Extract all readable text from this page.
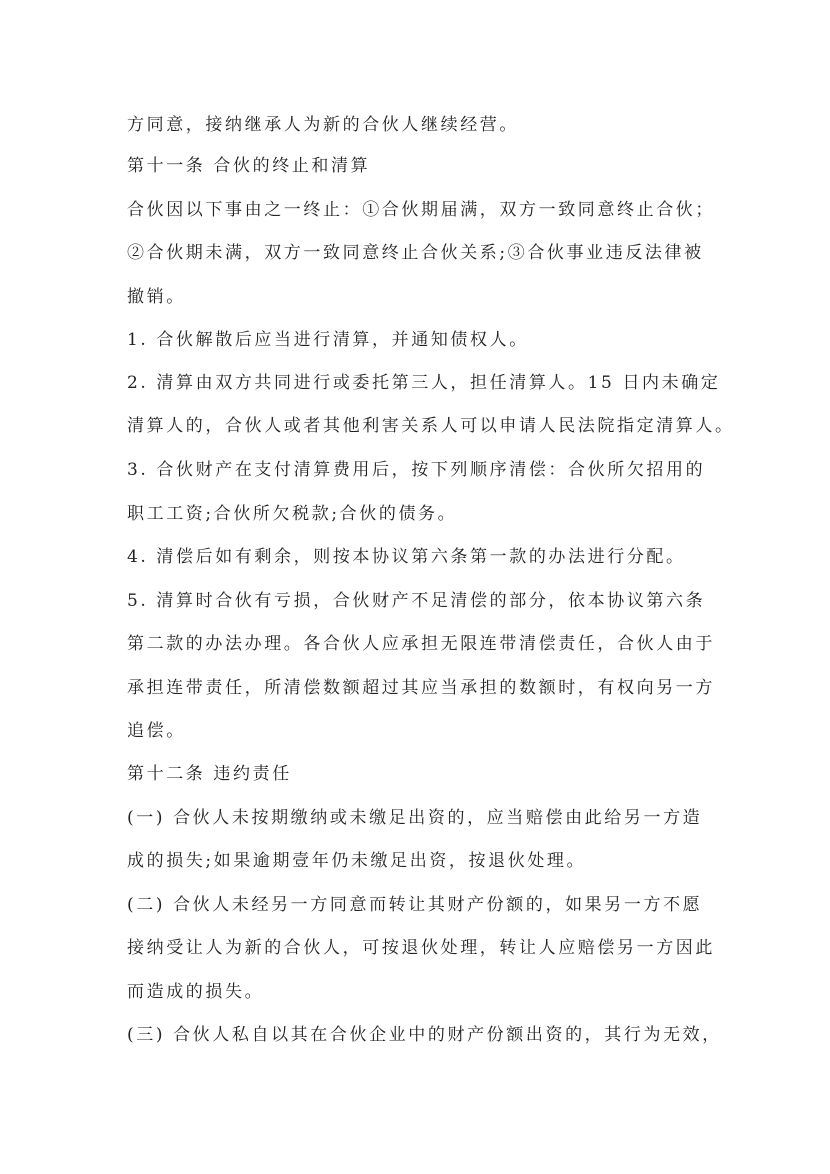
方同意，接纳继承人为新的合伙人继续经营。
第十一条 合伙的终止和清算
合伙因以下事由之一终止：①合伙期届满，双方一致同意终止合伙；
②合伙期未满，双方一致同意终止合伙关系;③合伙事业违反法律被
撤销。
1. 合伙解散后应当进行清算，并通知债权人。
2. 清算由双方共同进行或委托第三人，担任清算人。15 日内未确定
清算人的，合伙人或者其他利害关系人可以申请人民法院指定清算人。
3. 合伙财产在支付清算费用后，按下列顺序清偿：合伙所欠招用的
职工工资;合伙所欠税款;合伙的债务。
4. 清偿后如有剩余，则按本协议第六条第一款的办法进行分配。
5. 清算时合伙有亏损，合伙财产不足清偿的部分，依本协议第六条
第二款的办法办理。各合伙人应承担无限连带清偿责任，合伙人由于
承担连带责任，所清偿数额超过其应当承担的数额时，有权向另一方
追偿。
第十二条 违约责任
(一) 合伙人未按期缴纳或未缴足出资的，应当赔偿由此给另一方造
成的损失;如果逾期壹年仍未缴足出资，按退伙处理。
(二) 合伙人未经另一方同意而转让其财产份额的，如果另一方不愿
接纳受让人为新的合伙人，可按退伙处理，转让人应赔偿另一方因此
而造成的损失。
(三) 合伙人私自以其在合伙企业中的财产份额出资的，其行为无效，
